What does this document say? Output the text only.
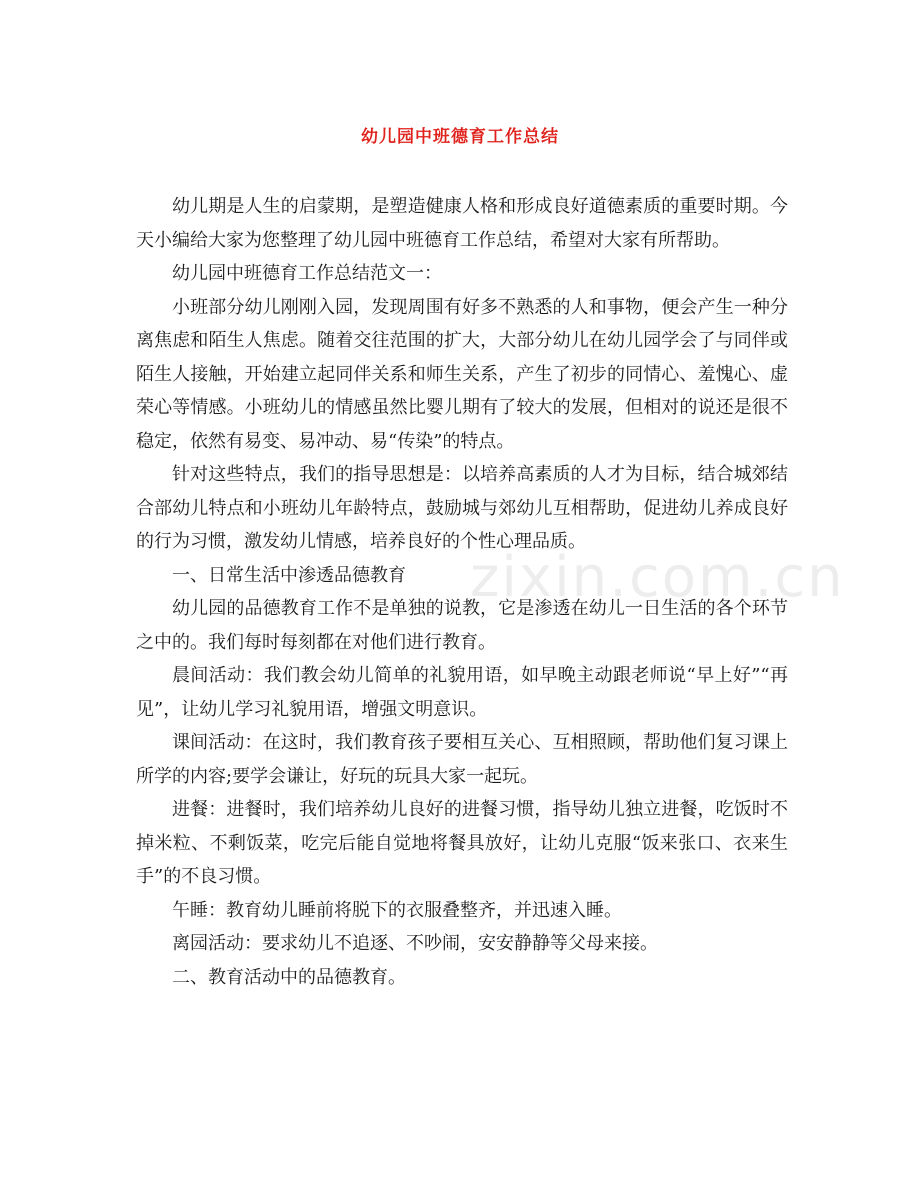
幼儿园中班德育工作总结

幼儿期是人生的启蒙期，是塑造健康人格和形成良好道德素质的重要时期。今天小编给大家为您整理了幼儿园中班德育工作总结，希望对大家有所帮助。

幼儿园中班德育工作总结范文一：

小班部分幼儿刚刚入园，发现周围有好多不熟悉的人和事物，便会产生一种分离焦虑和陌生人焦虑。随着交往范围的扩大，大部分幼儿在幼儿园学会了与同伴或陌生人接触，开始建立起同伴关系和师生关系，产生了初步的同情心、羞愧心、虚荣心等情感。小班幼儿的情感虽然比婴儿期有了较大的发展，但相对的说还是很不稳定，依然有易变、易冲动、易“传染”的特点。

针对这些特点，我们的指导思想是：以培养高素质的人才为目标，结合城郊结合部幼儿特点和小班幼儿年龄特点，鼓励城与郊幼儿互相帮助，促进幼儿养成良好的行为习惯，激发幼儿情感，培养良好的个性心理品质。

一、日常生活中渗透品德教育

幼儿园的品德教育工作不是单独的说教，它是渗透在幼儿一日生活的各个环节之中的。我们每时每刻都在对他们进行教育。

晨间活动：我们教会幼儿简单的礼貌用语，如早晚主动跟老师说“早上好”“再见”，让幼儿学习礼貌用语，增强文明意识。

课间活动：在这时，我们教育孩子要相互关心、互相照顾，帮助他们复习课上所学的内容;要学会谦让，好玩的玩具大家一起玩。

进餐：进餐时，我们培养幼儿良好的进餐习惯，指导幼儿独立进餐，吃饭时不掉米粒、不剩饭菜，吃完后能自觉地将餐具放好，让幼儿克服“饭来张口、衣来生手”的不良习惯。

午睡：教育幼儿睡前将脱下的衣服叠整齐，并迅速入睡。

离园活动：要求幼儿不追逐、不吵闹，安安静静等父母来接。

二、教育活动中的品德教育。

zixin.com.cn
